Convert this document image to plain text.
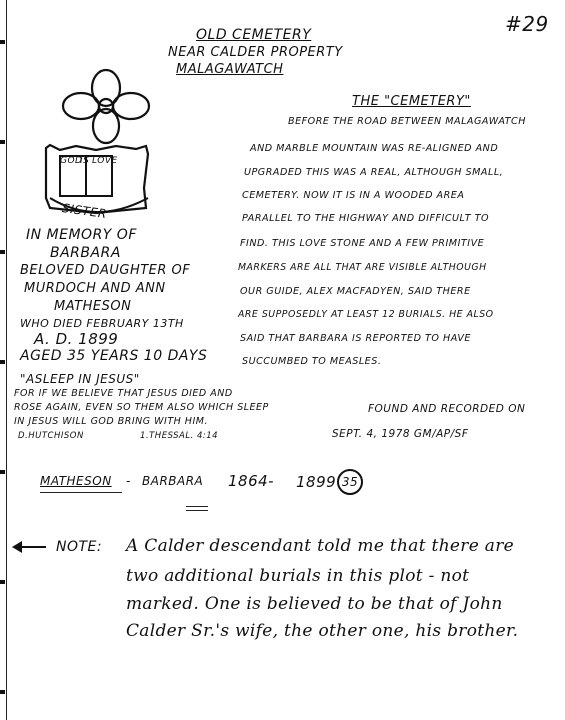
#29
OLD CEMETERY
NEAR CALDER PROPERTY
MALAGAWATCH
GOD
IS LOVE
SISTER
IN MEMORY OF
BARBARA
BELOVED DAUGHTER OF
MURDOCH AND ANN
MATHESON
WHO DIED FEBRUARY 13TH
A. D. 1899
AGED 35 YEARS 10 DAYS
"ASLEEP IN JESUS"
THE "CEMETERY"
BEFORE THE ROAD BETWEEN MALAGAWATCH
AND MARBLE MOUNTAIN WAS RE-ALIGNED AND
UPGRADED THIS WAS A REAL, ALTHOUGH SMALL,
CEMETERY. NOW IT IS IN A WOODED AREA
PARALLEL TO THE HIGHWAY AND DIFFICULT TO
FIND. THIS LOVE STONE AND A FEW PRIMITIVE
MARKERS ARE ALL THAT ARE VISIBLE ALTHOUGH
OUR GUIDE, ALEX MACFADYEN, SAID THERE
ARE SUPPOSEDLY AT LEAST 12 BURIALS. HE ALSO
SAID THAT BARBARA IS REPORTED TO HAVE
SUCCUMBED TO MEASLES.
FOR IF WE BELIEVE THAT JESUS DIED AND
ROSE AGAIN, EVEN SO THEM ALSO WHICH SLEEP
IN JESUS WILL GOD BRING WITH HIM.
D.HUTCHISON	1.THESSAL. 4:14
FOUND AND RECORDED ON
SEPT. 4, 1978 GM/AP/SF
MATHESON - BARBARA 1864- 1899 35
NOTE: A Calder descendant told me that there are
two additional burials in this plot - not
marked. One is believed to be that of John
Calder Sr.'s wife, the other one, his brother.
